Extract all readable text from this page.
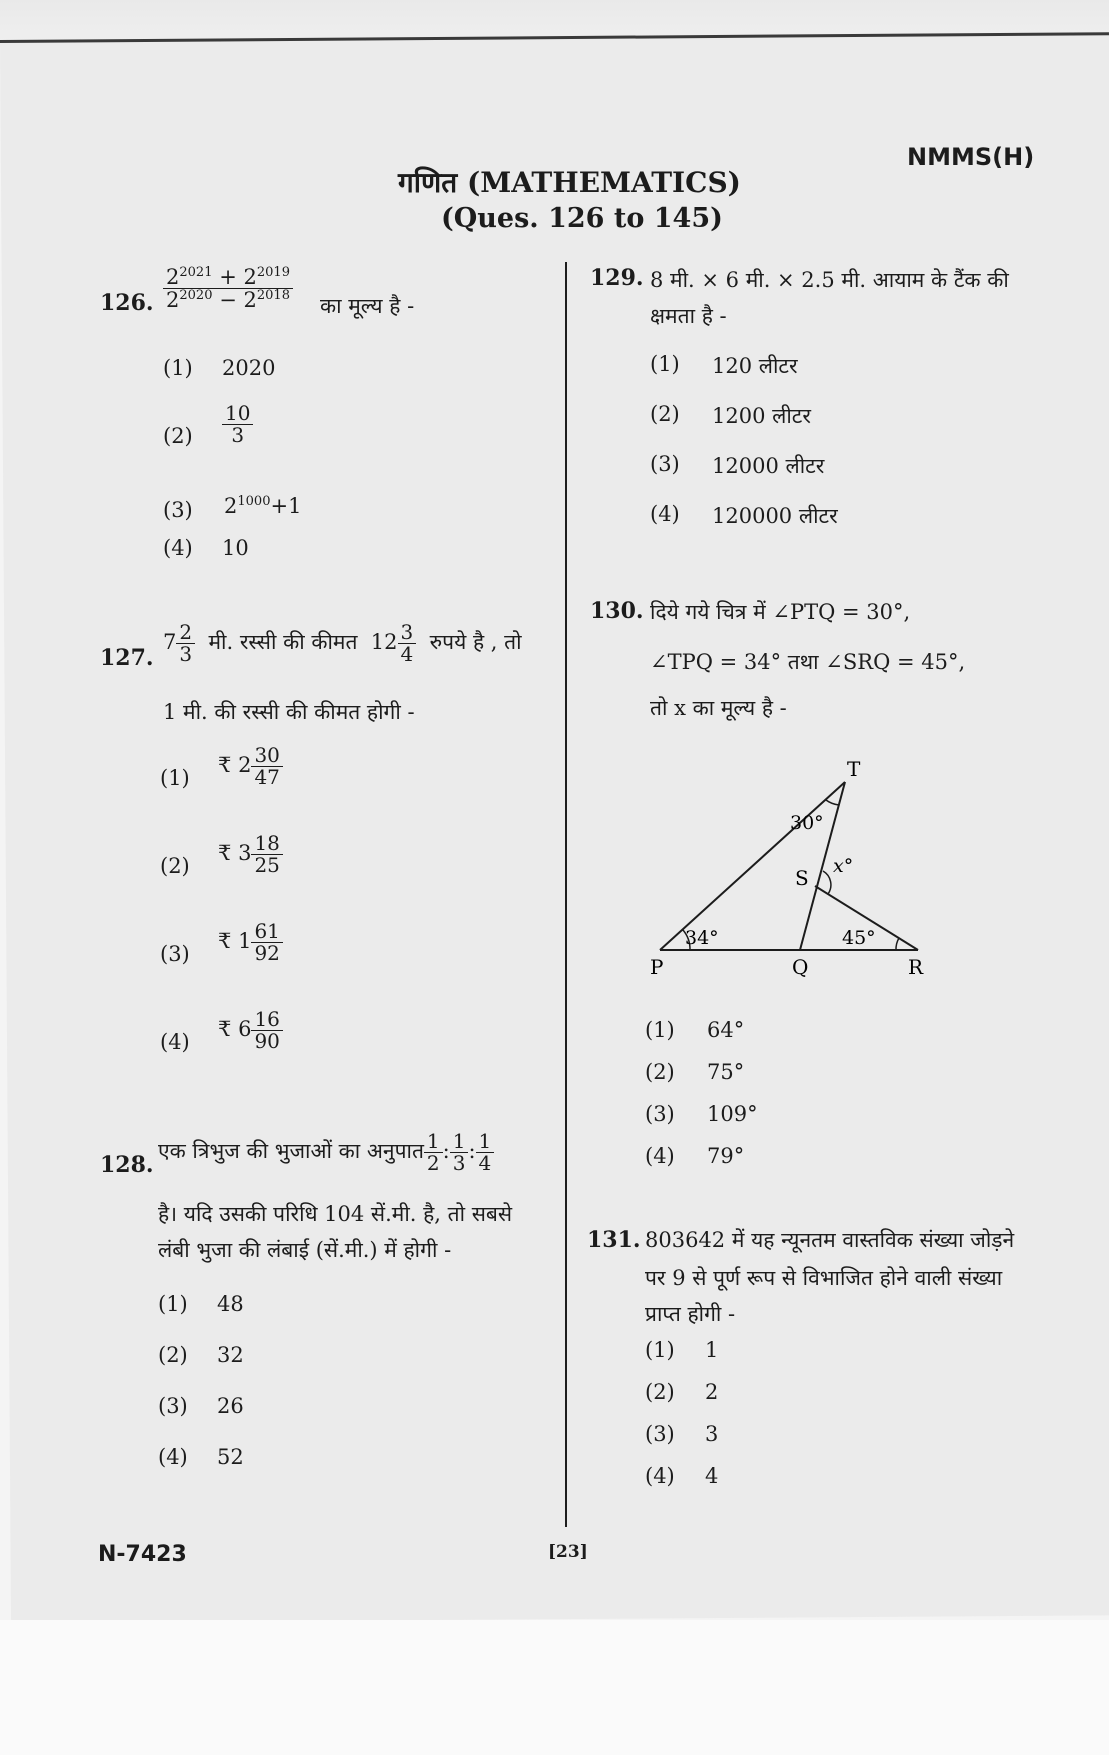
गणित (MATHEMATICS)
(Ques. 126 to 145)
NMMS(H)
126. $\frac{2^{2021} + 2^{2019}}{2^{2020} - 2^{2018}}$ का मूल्य है -
(1) 2020
$(2) \frac{10}{3}$
(3) $2^{1000}+1$
(4) 10
127.
$7 \frac{2}{3}$ मी. रस्सी की कीमत $12 \frac{3}{4}$ रुपये है , तो
1 मी. की रस्सी की कीमत होगी -
(1)
₹ $2 \frac{30}{47}$
(2)
₹ $3 \frac{18}{25}$
(3)
₹ $1 \frac{61}{92}$
(4)
₹ $6 \frac{16}{90}$
128.
एक त्रिभुज की भुजाओं का अनुपात $\frac{1}{2}$ : $\frac{1}{3}$ : $\frac{1}{4}$
है। यदि उसकी परिधि 104 सें.मी. है, तो सबसे
लंबी भुजा की लंबाई (सें.मी.) में होगी -
(1) 48
(2) 32
(3) 26
(4) 52
129. 8 मी. × 6 मी. × 2.5 मी. आयाम के टैंक की
क्षमता है -
(1) 120 लीटर
(2) 1200 लीटर
(3) 12000 लीटर
(4) 120000 लीटर
130. दिये गये चित्र में ∠PTQ = 30°,
∠TPQ = 34° तथा ∠SRQ = 45°,
तो x का मूल्य है -
T
S
P	Q	R
30°
34°	45°
x°
(1) 64°
(2) 75°
(3) 109°
(4) 79°
131. 803642 में यह न्यूनतम वास्तविक संख्या जोड़ने
पर 9 से पूर्ण रूप से विभाजित होने वाली संख्या
प्राप्त होगी -
(1) 1
(2) 2
(3) 3
(4) 4
N-7423	[23]
